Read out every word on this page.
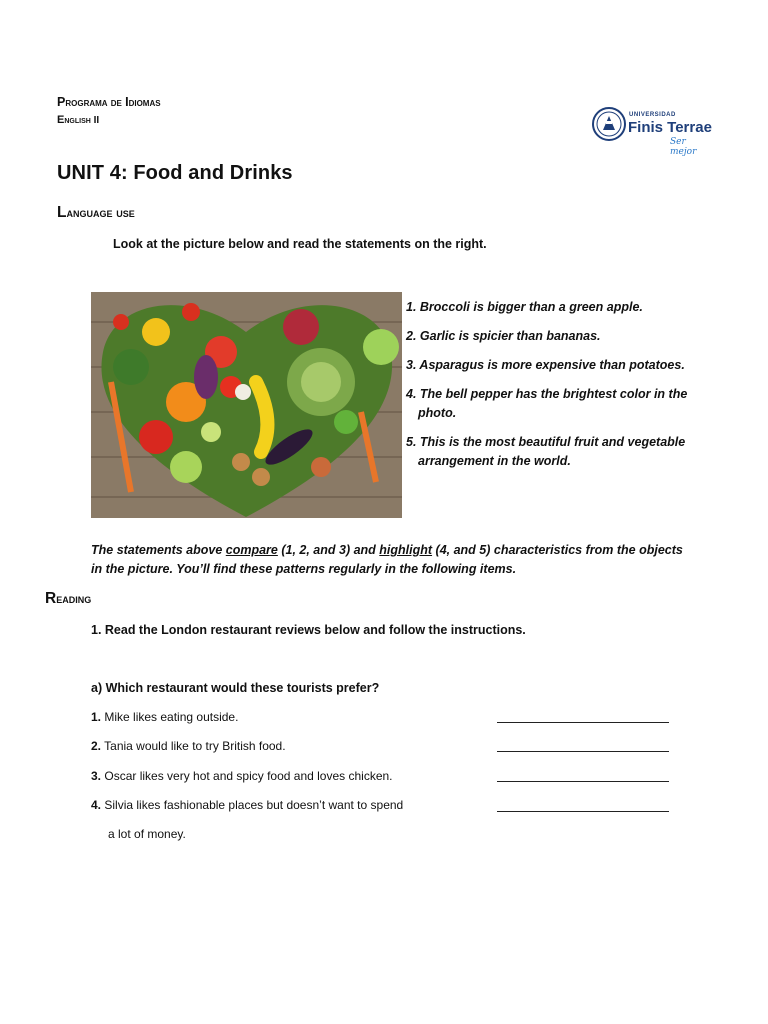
Programa de Idiomas
English II	UNIVERSIDAD
Finis Terrae
Ser mejor
UNIT 4: Food and Drinks
Language use
Look at the picture below and read the statements on the right.

1. Broccoli is bigger than a green apple.

2. Garlic is spicier than bananas.

3. Asparagus is more expensive than potatoes.

4. The bell pepper has the brightest color in the photo.

5. This is the most beautiful fruit and vegetable arrangement in the world.

The statements above compare (1, 2, and 3) and highlight (4, and 5) characteristics from the objects in the picture. You’ll find these patterns regularly in the following items.
Reading
1. Read the London restaurant reviews below and follow the instructions.
a) Which restaurant would these tourists prefer?
1. Mike likes eating outside.
2. Tania would like to try British food.
3. Oscar likes very hot and spicy food and loves chicken.
4. Silvia likes fashionable places but doesn’t want to spend
a lot of money.
